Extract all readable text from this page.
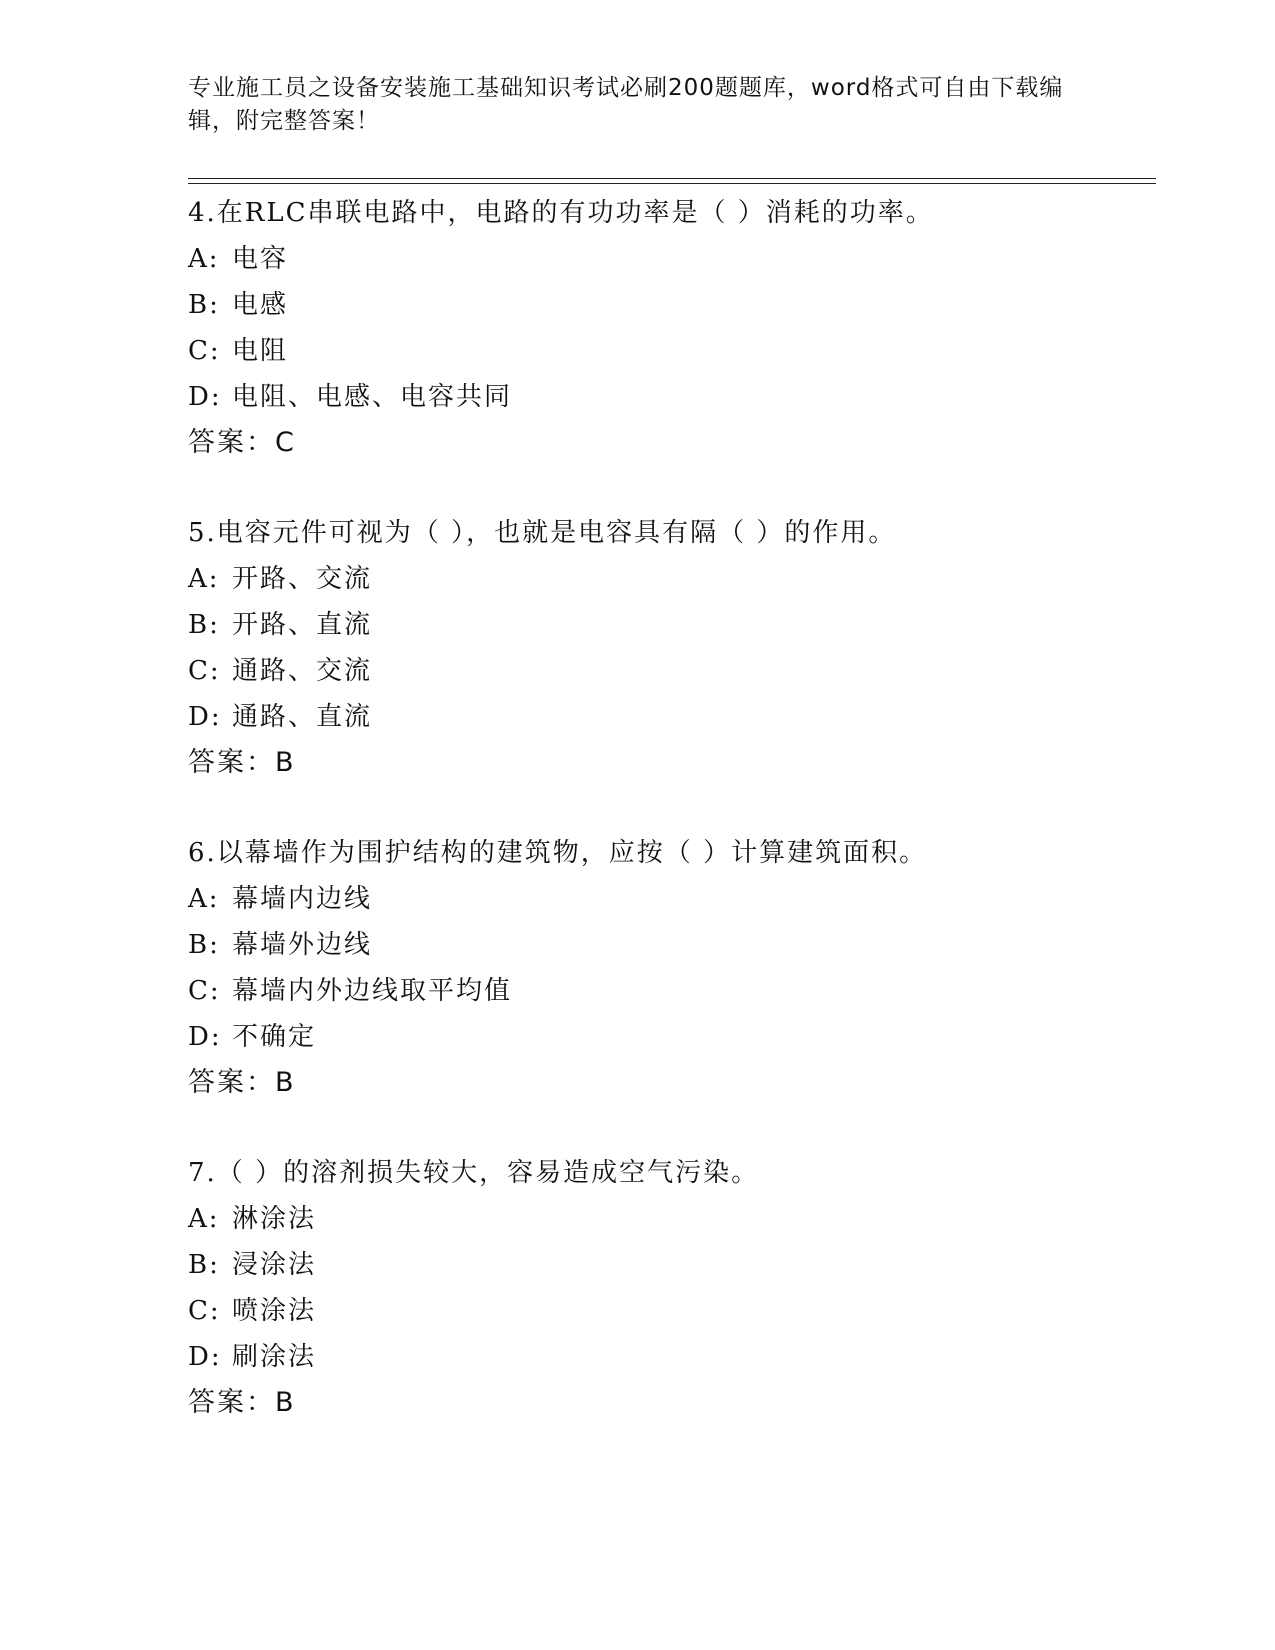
专业施工员之设备安装施工基础知识考试必刷200题题库，word格式可自由下载编辑，附完整答案！
4.在RLC串联电路中，电路的有功功率是（ ）消耗的功率。
A: 电容
B: 电感
C: 电阻
D: 电阻、电感、电容共同
答案：C
5.电容元件可视为（ ），也就是电容具有隔（ ）的作用。
A: 开路、交流
B: 开路、直流
C: 通路、交流
D: 通路、直流
答案：B
6.以幕墙作为围护结构的建筑物，应按（ ）计算建筑面积。
A: 幕墙内边线
B: 幕墙外边线
C: 幕墙内外边线取平均值
D: 不确定
答案：B
7.（ ）的溶剂损失较大，容易造成空气污染。
A: 淋涂法
B: 浸涂法
C: 喷涂法
D: 刷涂法
答案：B
